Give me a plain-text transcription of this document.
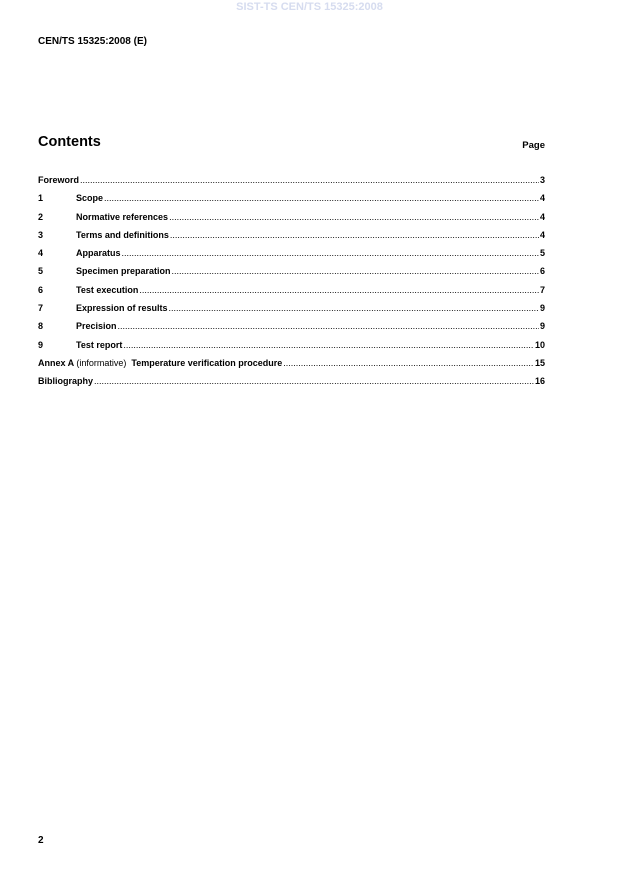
SIST-TS CEN/TS 15325:2008
CEN/TS 15325:2008 (E)
Contents	Page
Foreword .....	3
1	Scope .....	4
2	Normative references .....	4
3	Terms and definitions .....	4
4	Apparatus .....	5
5	Specimen preparation .....	6
6	Test execution .....	7
7	Expression of results .....	9
8	Precision .....	9
9	Test report .....	10
Annex A (informative) Temperature verification procedure .....	15
Bibliography .....	16
2
